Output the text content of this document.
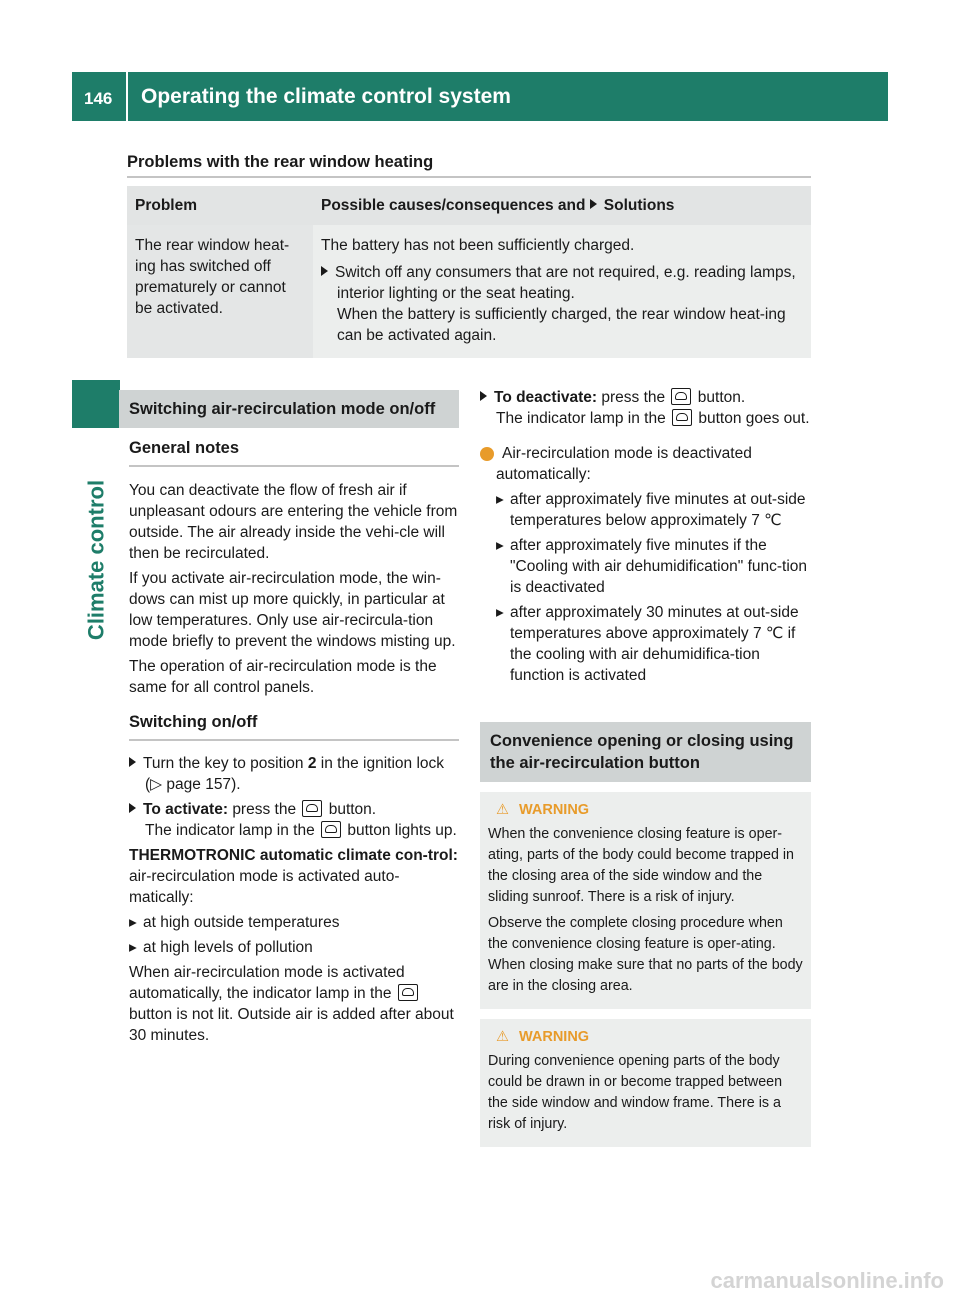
146 Operating the climate control system
Climate control
Problems with the rear window heating
Problem	Possible causes/consequences and Solutions
The rear window heat-ing has switched off prematurely or cannot be activated.	The battery has not been sufficiently charged.
Switch off any consumers that are not required, e.g. reading lamps, interior lighting or the seat heating.
When the battery is sufficiently charged, the rear window heat-ing can be activated again.
Switching air-recirculation mode on/off
General notes

You can deactivate the flow of fresh air if unpleasant odours are entering the vehicle from outside. The air already inside the vehi-cle will then be recirculated.

If you activate air-recirculation mode, the win-dows can mist up more quickly, in particular at low temperatures. Only use air-recircula-tion mode briefly to prevent the windows misting up.

The operation of air-recirculation mode is the same for all control panels.

Switching on/off

Turn the key to position 2 in the ignition lock (▷ page 157).

To activate: press the button.

The indicator lamp in the button lights up.

THERMOTRONIC automatic climate con-trol: air-recirculation mode is activated auto-matically:

▸ at high outside temperatures

▸ at high levels of pollution

When air-recirculation mode is activated automatically, the indicator lamp in the  button is not lit. Outside air is added after about 30 minutes.

To deactivate: press the button.

The indicator lamp in the button goes out.

i Air-recirculation mode is deactivated automatically:

▸ after approximately five minutes at out-side temperatures below approximately 7 ℃

▸ after approximately five minutes if the "Cooling with air dehumidification" func-tion is deactivated

▸ after approximately 30 minutes at out-side temperatures above approximately 7 ℃ if the cooling with air dehumidifica-tion function is activated

Convenience opening or closing using the air-recirculation button
⚠ WARNING

When the convenience closing feature is oper-ating, parts of the body could become trapped in the closing area of the side window and the sliding sunroof. There is a risk of injury.

Observe the complete closing procedure when the convenience closing feature is oper-ating. When closing make sure that no parts of the body are in the closing area.

⚠ WARNING

During convenience opening parts of the body could be drawn in or become trapped between the side window and window frame. There is a risk of injury.

carmanualsonline.info
